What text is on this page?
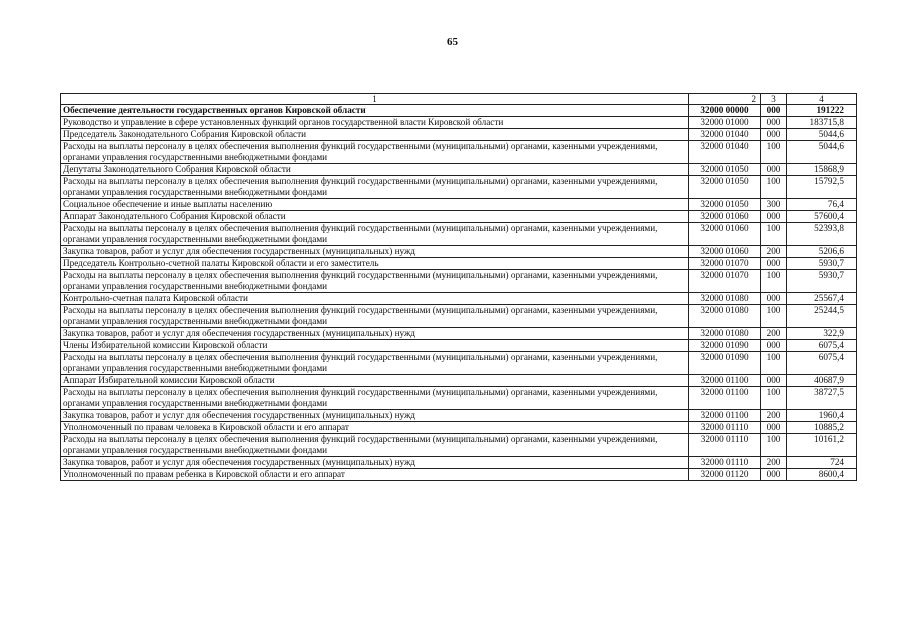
65
1	2	3	4
Обеспечение деятельности государственных органов Кировской области	32000 00000	000	191222
Руководство и управление в сфере установленных функций органов государственной власти Кировской области	32000 01000	000	183715,8
Председатель Законодательного Собрания Кировской области	32000 01040	000	5044,6
Расходы на выплаты персоналу в целях обеспечения выполнения функций государственными (муниципальными) органами, казенными учреждениями, органами управления государственными внебюджетными фондами	32000 01040	100	5044,6
Депутаты Законодательного Собрания Кировской области	32000 01050	000	15868,9
Расходы на выплаты персоналу в целях обеспечения выполнения функций государственными (муниципальными) органами, казенными учреждениями, органами управления государственными внебюджетными фондами	32000 01050	100	15792,5
Социальное обеспечение и иные выплаты населению	32000 01050	300	76,4
Аппарат Законодательного Собрания Кировской области	32000 01060	000	57600,4
Расходы на выплаты персоналу в целях обеспечения выполнения функций государственными (муниципальными) органами, казенными учреждениями, органами управления государственными внебюджетными фондами	32000 01060	100	52393,8
Закупка товаров, работ и услуг для обеспечения государственных (муниципальных) нужд	32000 01060	200	5206,6
Председатель Контрольно-счетной палаты Кировской области и его заместитель	32000 01070	000	5930,7
Расходы на выплаты персоналу в целях обеспечения выполнения функций государственными (муниципальными) органами, казенными учреждениями, органами управления государственными внебюджетными фондами	32000 01070	100	5930,7
Контрольно-счетная палата Кировской области	32000 01080	000	25567,4
Расходы на выплаты персоналу в целях обеспечения выполнения функций государственными (муниципальными) органами, казенными учреждениями, органами управления государственными внебюджетными фондами	32000 01080	100	25244,5
Закупка товаров, работ и услуг для обеспечения государственных (муниципальных) нужд	32000 01080	200	322,9
Члены Избирательной комиссии Кировской области	32000 01090	000	6075,4
Расходы на выплаты персоналу в целях обеспечения выполнения функций государственными (муниципальными) органами, казенными учреждениями, органами управления государственными внебюджетными фондами	32000 01090	100	6075,4
Аппарат Избирательной комиссии Кировской области	32000 01100	000	40687,9
Расходы на выплаты персоналу в целях обеспечения выполнения функций государственными (муниципальными) органами, казенными учреждениями, органами управления государственными внебюджетными фондами	32000 01100	100	38727,5
Закупка товаров, работ и услуг для обеспечения государственных (муниципальных) нужд	32000 01100	200	1960,4
Уполномоченный по правам человека в Кировской области и его аппарат	32000 01110	000	10885,2
Расходы на выплаты персоналу в целях обеспечения выполнения функций государственными (муниципальными) органами, казенными учреждениями, органами управления государственными внебюджетными фондами	32000 01110	100	10161,2
Закупка товаров, работ и услуг для обеспечения государственных (муниципальных) нужд	32000 01110	200	724
Уполномоченный по правам ребенка в Кировской области и его аппарат	32000 01120	000	8600,4
